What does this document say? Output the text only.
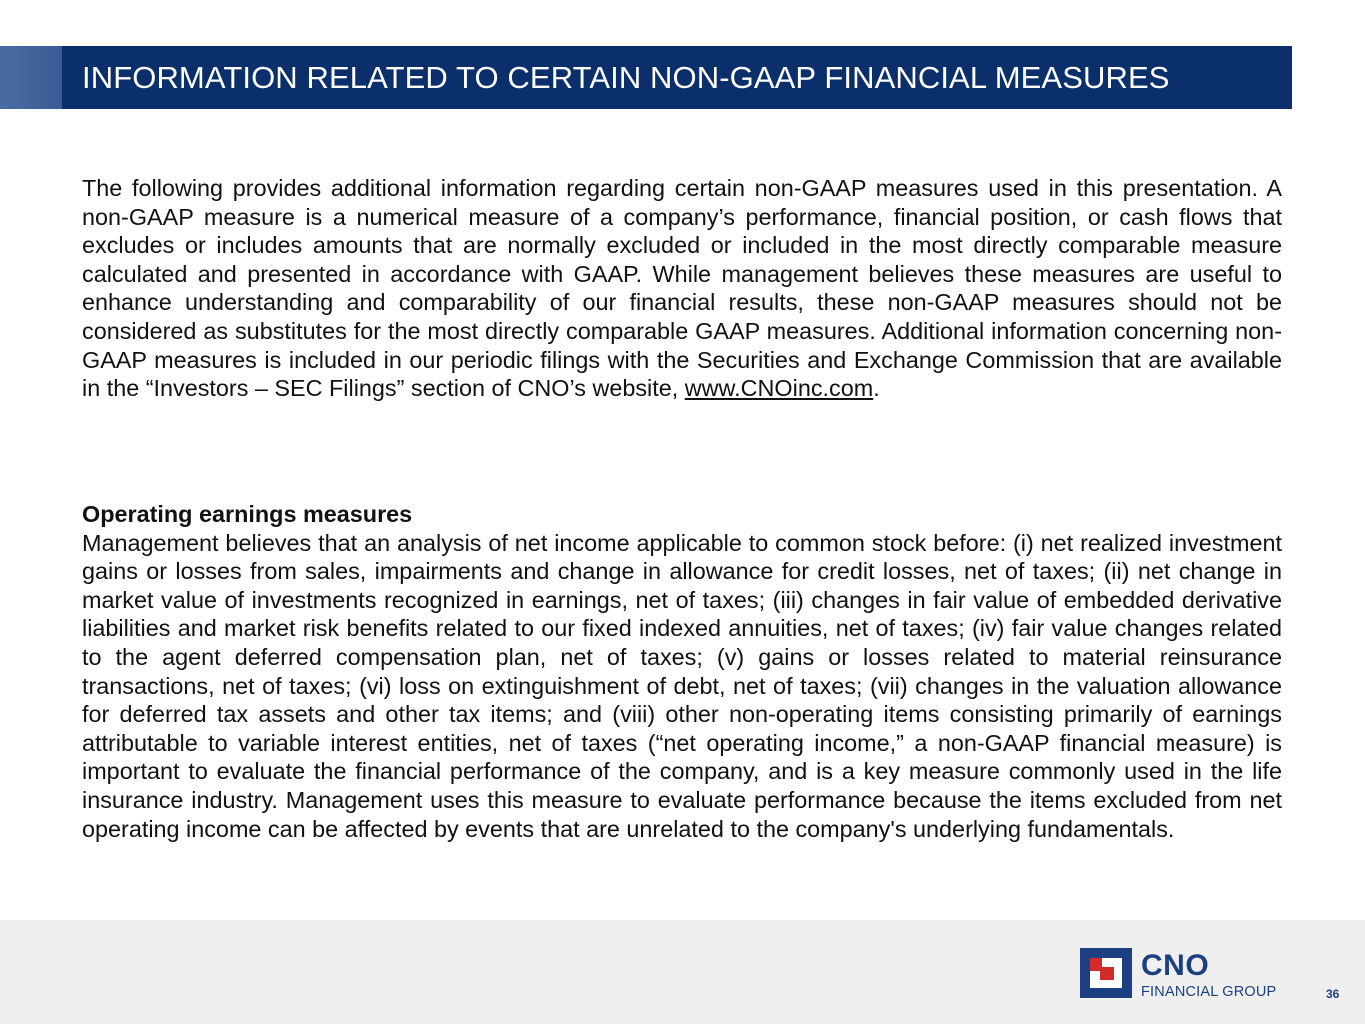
INFORMATION RELATED TO CERTAIN NON-GAAP FINANCIAL MEASURES

The following provides additional information regarding certain non-GAAP measures used in this presentation. A non-GAAP measure is a numerical measure of a company’s performance, financial position, or cash flows that excludes or includes amounts that are normally excluded or included in the most directly comparable measure calculated and presented in accordance with GAAP. While management believes these measures are useful to enhance understanding and comparability of our financial results, these non-GAAP measures should not be considered as substitutes for the most directly comparable GAAP measures. Additional information concerning non-GAAP measures is included in our periodic filings with the Securities and Exchange Commission that are available in the “Investors – SEC Filings” section of CNO’s website, www.CNOinc.com.

Operating earnings measures

Management believes that an analysis of net income applicable to common stock before: (i) net realized investment gains or losses from sales, impairments and change in allowance for credit losses, net of taxes; (ii) net change in market value of investments recognized in earnings, net of taxes; (iii) changes in fair value of embedded derivative liabilities and market risk benefits related to our fixed indexed annuities, net of taxes; (iv) fair value changes related to the agent deferred compensation plan, net of taxes; (v) gains or losses related to material reinsurance transactions, net of taxes; (vi) loss on extinguishment of debt, net of taxes; (vii) changes in the valuation allowance for deferred tax assets and other tax items; and (viii) other non-operating items consisting primarily of earnings attributable to variable interest entities, net of taxes (“net operating income,” a non-GAAP financial measure) is important to evaluate the financial performance of the company, and is a key measure commonly used in the life insurance industry. Management uses this measure to evaluate performance because the items excluded from net operating income can be affected by events that are unrelated to the company's underlying fundamentals.

CNO
FINANCIAL GROUP	36
